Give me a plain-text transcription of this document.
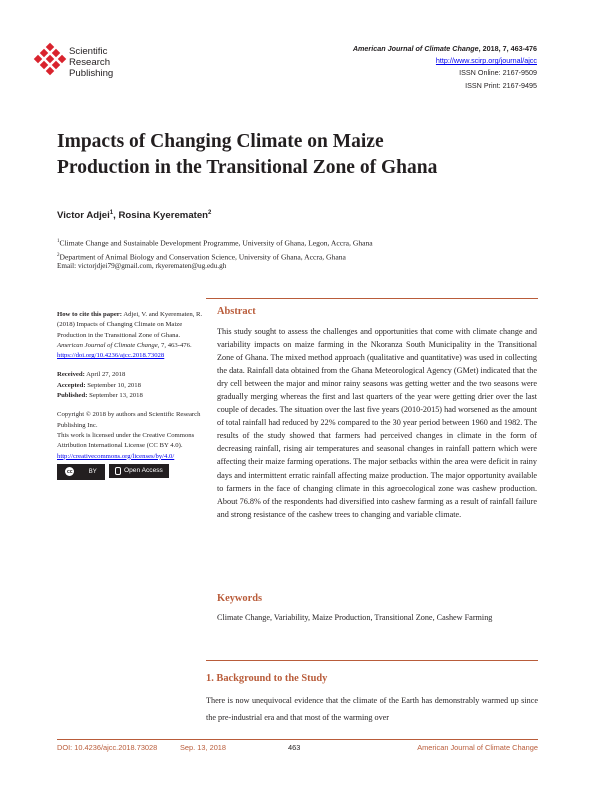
Scientific
Research
Publishing
American Journal of Climate Change, 2018, 7, 463-476
http://www.scirp.org/journal/ajcc
ISSN Online: 2167-9509
ISSN Print: 2167-9495
Impacts of Changing Climate on Maize
Production in the Transitional Zone of Ghana
Victor Adjei$^1$, Rosina Kyerematen$^2$
$^1$Climate Change and Sustainable Development Programme, University of Ghana, Legon, Accra, Ghana
$^2$Department of Animal Biology and Conservation Science, University of Ghana, Accra, Ghana
Email: victorjdjei79@gmail.com, rkyerematen@ug.edu.gh

How to cite this paper: Adjei, V. and Kyerematen, R. (2018) Impacts of Changing Climate on Maize Production in the Transitional Zone of Ghana. American Journal of Climate Change, 7, 463-476.
https://doi.org/10.4236/ajcc.2018.73028

Received: April 27, 2018
Accepted: September 10, 2018
Published: September 13, 2018

Copyright © 2018 by authors and Scientific Research Publishing Inc.
This work is licensed under the Creative Commons Attribution International License (CC BY 4.0).
http://creativecommons.org/licenses/by/4.0/

cc	BY	Open Access
Abstract
This study sought to assess the challenges and opportunities that come with climate change and variability impacts on maize farming in the Nkoranza South Municipality in the Transitional Zone of Ghana. The mixed method approach (qualitative and quantitative) was used in collecting the data. Rainfall data obtained from the Ghana Meteorological Agency (GMet) indicated that the dry cell between the major and minor rainy seasons was getting wetter and the two seasons were gradually merging whereas the first and last quarters of the year were getting drier over the last couple of decades. The situation over the last five years (2010-2015) had worsened as the amount of total rainfall had reduced by 22% compared to the 30 year period between 1960 and 1982. The results of the study showed that farmers had perceived changes in climate in the form of decreasing rainfall, rising air temperatures and seasonal changes in rainfall pattern which were affecting their maize farming operations. The major setbacks within the area were deficit in rainy days and intermittent erratic rainfall affecting maize production. The major opportunity available to farmers in the face of changing climate in this agroecological zone was cashew production. About 76.8% of the respondents had diversified into cashew farming as a result of rainfall failure and strong resistance of the cashew trees to changing and variable climate.
Keywords
Climate Change, Variability, Maize Production, Transitional Zone, Cashew Farming
1. Background to the Study
There is now unequivocal evidence that the climate of the Earth has demonstrably warmed up since the pre-industrial era and that most of the warming over
DOI: 10.4236/ajcc.2018.73028	Sep. 13, 2018	463	American Journal of Climate Change
